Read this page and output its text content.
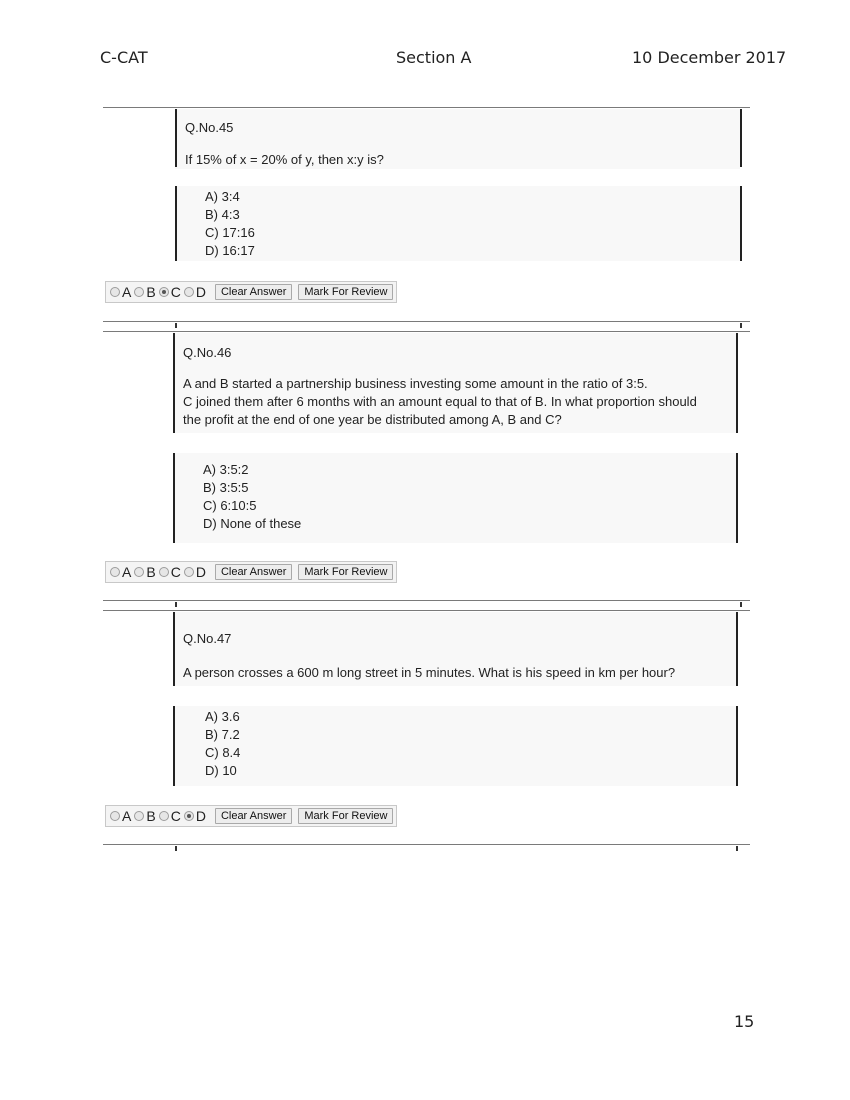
C-CAT	Section A	10 December 2017
Q.No.45
If 15% of x = 20% of y, then x:y is?
A) 3:4
B) 4:3
C) 17:16
D) 16:17
A B C D	Clear Answer	Mark For Review
Q.No.46
A and B started a partnership business investing some amount in the ratio of 3:5.
C joined them after 6 months with an amount equal to that of B. In what proportion should
the profit at the end of one year be distributed among A, B and C?
A) 3:5:2
B) 3:5:5
C) 6:10:5
D) None of these
A B C D	Clear Answer	Mark For Review
Q.No.47
A person crosses a 600 m long street in 5 minutes. What is his speed in km per hour?
A) 3.6
B) 7.2
C) 8.4
D) 10
A B C D	Clear Answer	Mark For Review
15
